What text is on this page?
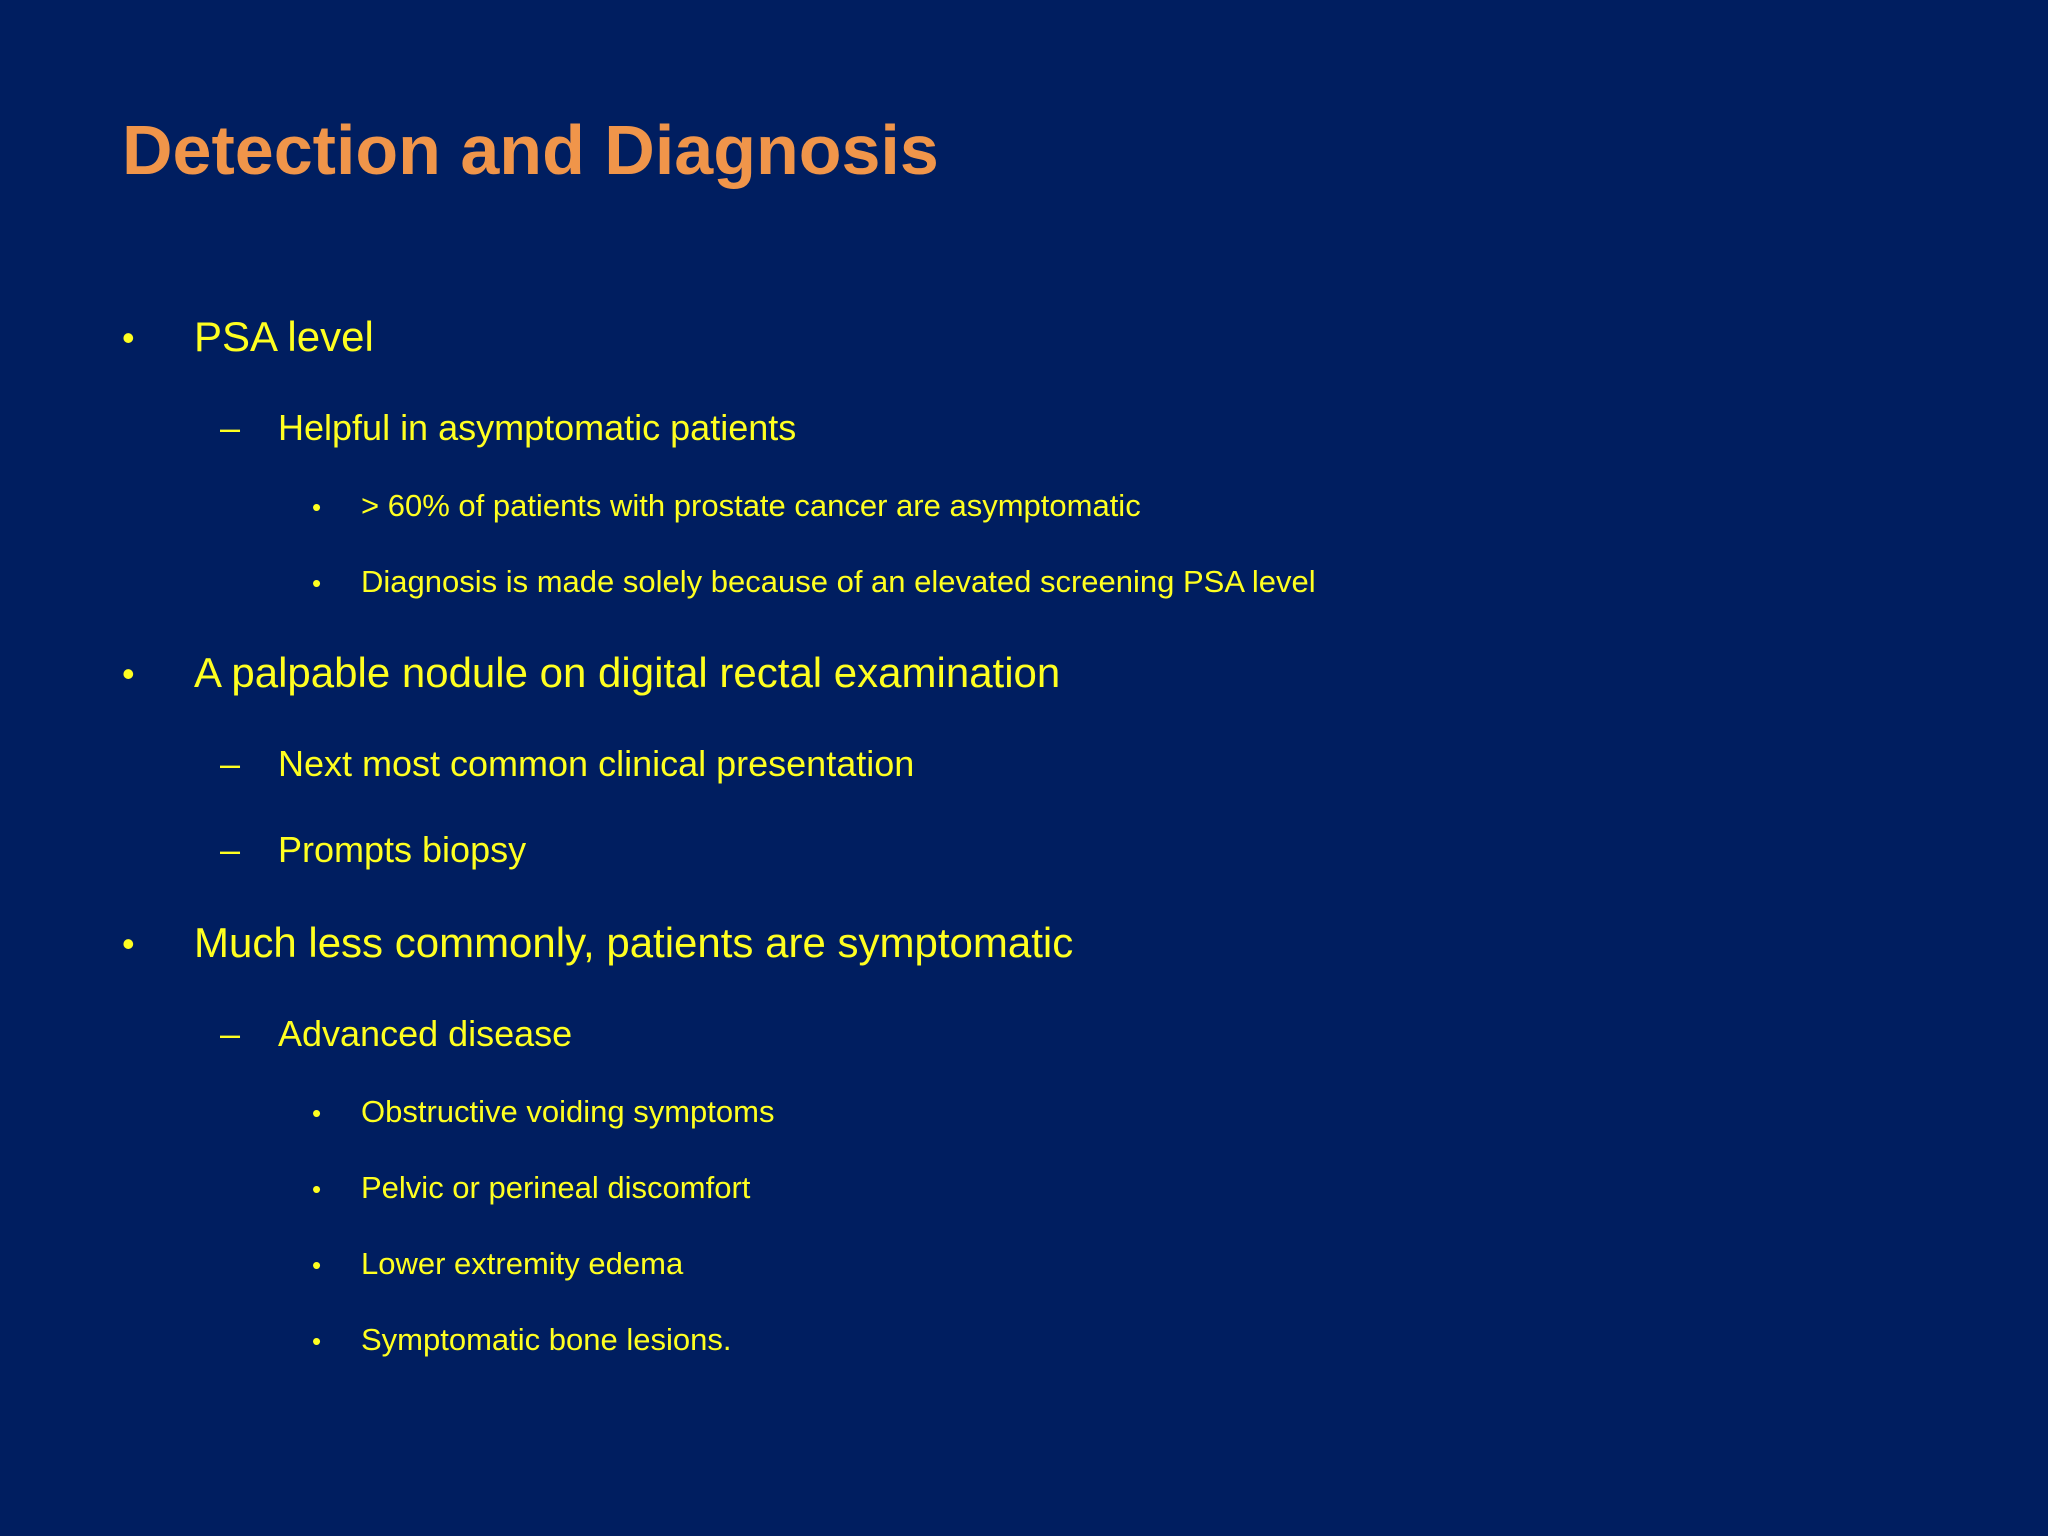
Detection and Diagnosis
• PSA level
– Helpful in asymptomatic patients
• > 60% of patients with prostate cancer are asymptomatic
• Diagnosis is made solely because of an elevated screening PSA level
• A palpable nodule on digital rectal examination
– Next most common clinical presentation
– Prompts biopsy
• Much less commonly, patients are symptomatic
– Advanced disease
• Obstructive voiding symptoms
• Pelvic or perineal discomfort
• Lower extremity edema
• Symptomatic bone lesions.
